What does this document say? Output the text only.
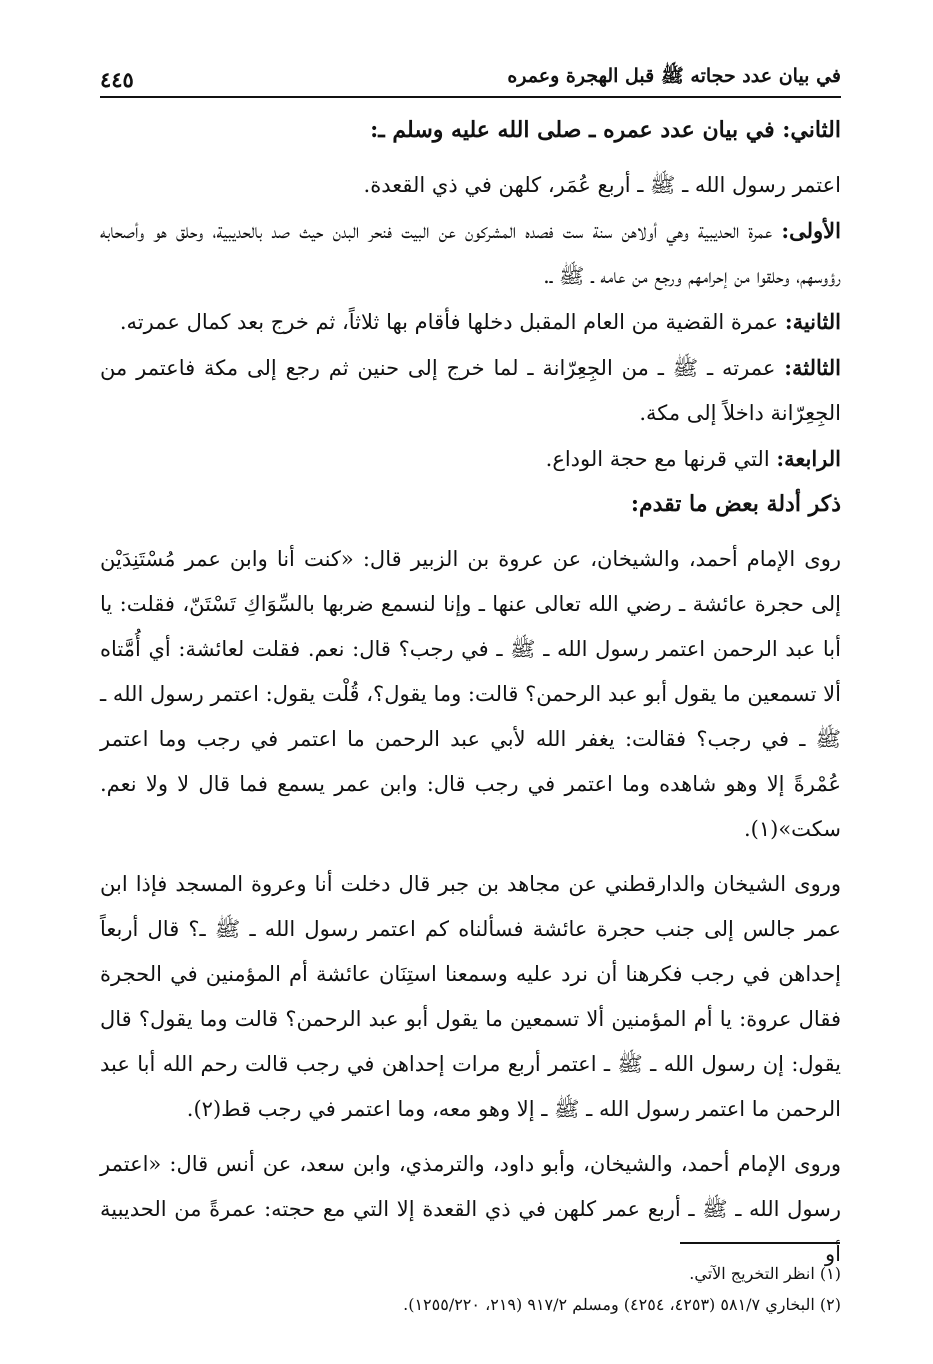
في بيان عدد حجاته ﷺ قبل الهجرة وعمره
٤٤٥

الثاني: في بيان عدد عمره ـ صلى الله عليه وسلم ـ:

اعتمر رسول الله ـ ﷺ ـ أربع عُمَر، كلهن في ذي القعدة.

الأولى: عمرة الحديبية وهي أولاهن سنة ست فصده المشركون عن البيت فنحر البدن حيث صد بالحديبية، وحلق هو وأصحابه رؤوسهم، وحلقوا من إحرامهم ورجع من عامه ـ ﷺ ـ.

الثانية: عمرة القضية من العام المقبل دخلها فأقام بها ثلاثاً، ثم خرج بعد كمال عمرته.

الثالثة: عمرته ـ ﷺ ـ من الجِعِرّانة ـ لما خرج إلى حنين ثم رجع إلى مكة فاعتمر من الجِعِرّانة داخلاً إلى مكة.

الرابعة: التي قرنها مع حجة الوداع.

ذكر أدلة بعض ما تقدم:

روى الإمام أحمد، والشيخان، عن عروة بن الزبير قال: «كنت أنا وابن عمر مُسْتَنِدَيْن إلى حجرة عائشة ـ رضي الله تعالى عنها ـ وإنا لنسمع ضربها بالسِّوَاكِ تَسْتَنّ، فقلت: يا أبا عبد الرحمن اعتمر رسول الله ـ ﷺ ـ في رجب؟ قال: نعم. فقلت لعائشة: أي أُمَّتاه ألا تسمعين ما يقول أبو عبد الرحمن؟ قالت: وما يقول؟، قُلْت يقول: اعتمر رسول الله ـ ﷺ ـ في رجب؟ فقالت: يغفر الله لأبي عبد الرحمن ما اعتمر في رجب وما اعتمر عُمْرةً إلا وهو شاهده وما اعتمر في رجب قال: وابن عمر يسمع فما قال لا ولا نعم. سكت»(١).

وروى الشيخان والدارقطني عن مجاهد بن جبر قال دخلت أنا وعروة المسجد فإذا ابن عمر جالس إلى جنب حجرة عائشة فسألناه كم اعتمر رسول الله ـ ﷺ ـ؟ قال أربعاً إحداهن في رجب فكرهنا أن نرد عليه وسمعنا استِنَان عائشة أم المؤمنين في الحجرة فقال عروة: يا أم المؤمنين ألا تسمعين ما يقول أبو عبد الرحمن؟ قالت وما يقول؟ قال يقول: إن رسول الله ـ ﷺ ـ اعتمر أربع مرات إحداهن في رجب قالت رحم الله أبا عبد الرحمن ما اعتمر رسول الله ـ ﷺ ـ إلا وهو معه، وما اعتمر في رجب قط(٢).

وروى الإمام أحمد، والشيخان، وأبو داود، والترمذي، وابن سعد، عن أنس قال: «اعتمر رسول الله ـ ﷺ ـ أربع عمر كلهن في ذي القعدة إلا التي مع حجته: عمرةً من الحديبية أو

(١) انظر التخريج الآتي.

(٢) البخاري ٥٨١/٧ (٤٢٥٣، ٤٢٥٤) ومسلم ٩١٧/٢ (٢١٩، ١٢٥٥/٢٢٠).
